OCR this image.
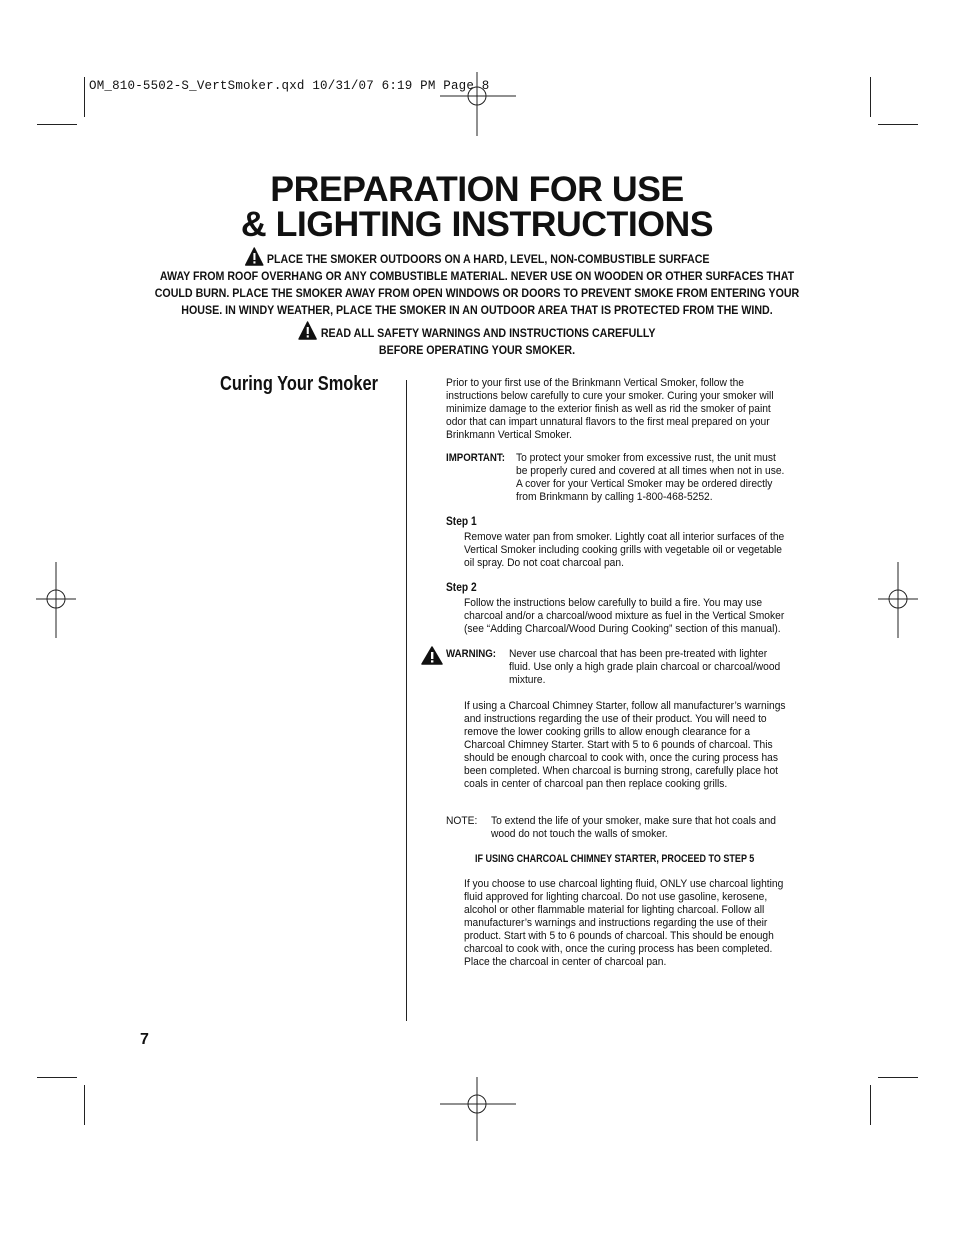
OM_810-5502-S_VertSmoker.qxd 10/31/07 6:19 PM Page 8
PREPARATION FOR USE
& LIGHTING INSTRUCTIONS
PLACE THE SMOKER OUTDOORS ON A HARD, LEVEL, NON-COMBUSTIBLE SURFACE
AWAY FROM ROOF OVERHANG OR ANY COMBUSTIBLE MATERIAL. NEVER USE ON WOODEN OR OTHER SURFACES THAT
COULD BURN. PLACE THE SMOKER AWAY FROM OPEN WINDOWS OR DOORS TO PREVENT SMOKE FROM ENTERING YOUR
HOUSE. IN WINDY WEATHER, PLACE THE SMOKER IN AN OUTDOOR AREA THAT IS PROTECTED FROM THE WIND.
READ ALL SAFETY WARNINGS AND INSTRUCTIONS CAREFULLY
BEFORE OPERATING YOUR SMOKER.
Curing Your Smoker	Prior to your first use of the Brinkmann Vertical Smoker, follow the

instructions below carefully to cure your smoker. Curing your smoker will

minimize damage to the exterior finish as well as rid the smoker of paint

odor that can impart unnatural flavors to the first meal prepared on your

Brinkmann Vertical Smoker.

IMPORTANT: To protect your smoker from excessive rust, the unit must

be properly cured and covered at all times when not in use.

A cover for your Vertical Smoker may be ordered directly

from Brinkmann by calling 1-800-468-5252.

Step 1

Remove water pan from smoker. Lightly coat all interior surfaces of the

Vertical Smoker including cooking grills with vegetable oil or vegetable

oil spray. Do not coat charcoal pan.

Step 2

Follow the instructions below carefully to build a fire. You may use

charcoal and/or a charcoal/wood mixture as fuel in the Vertical Smoker

(see “Adding Charcoal/Wood During Cooking” section of this manual).

WARNING: Never use charcoal that has been pre-treated with lighter

fluid. Use only a high grade plain charcoal or charcoal/wood

mixture.

If using a Charcoal Chimney Starter, follow all manufacturer’s warnings

and instructions regarding the use of their product. You will need to

remove the lower cooking grills to allow enough clearance for a

Charcoal Chimney Starter. Start with 5 to 6 pounds of charcoal. This

should be enough charcoal to cook with, once the curing process has

been completed. When charcoal is burning strong, carefully place hot

coals in center of charcoal pan then replace cooking grills.

NOTE: To extend the life of your smoker, make sure that hot coals and

wood do not touch the walls of smoker.

IF USING CHARCOAL CHIMNEY STARTER, PROCEED TO STEP 5

If you choose to use charcoal lighting fluid, ONLY use charcoal lighting

fluid approved for lighting charcoal. Do not use gasoline, kerosene,

alcohol or other flammable material for lighting charcoal. Follow all

manufacturer’s warnings and instructions regarding the use of their

product. Start with 5 to 6 pounds of charcoal. This should be enough

charcoal to cook with, once the curing process has been completed.

Place the charcoal in center of charcoal pan.

7
